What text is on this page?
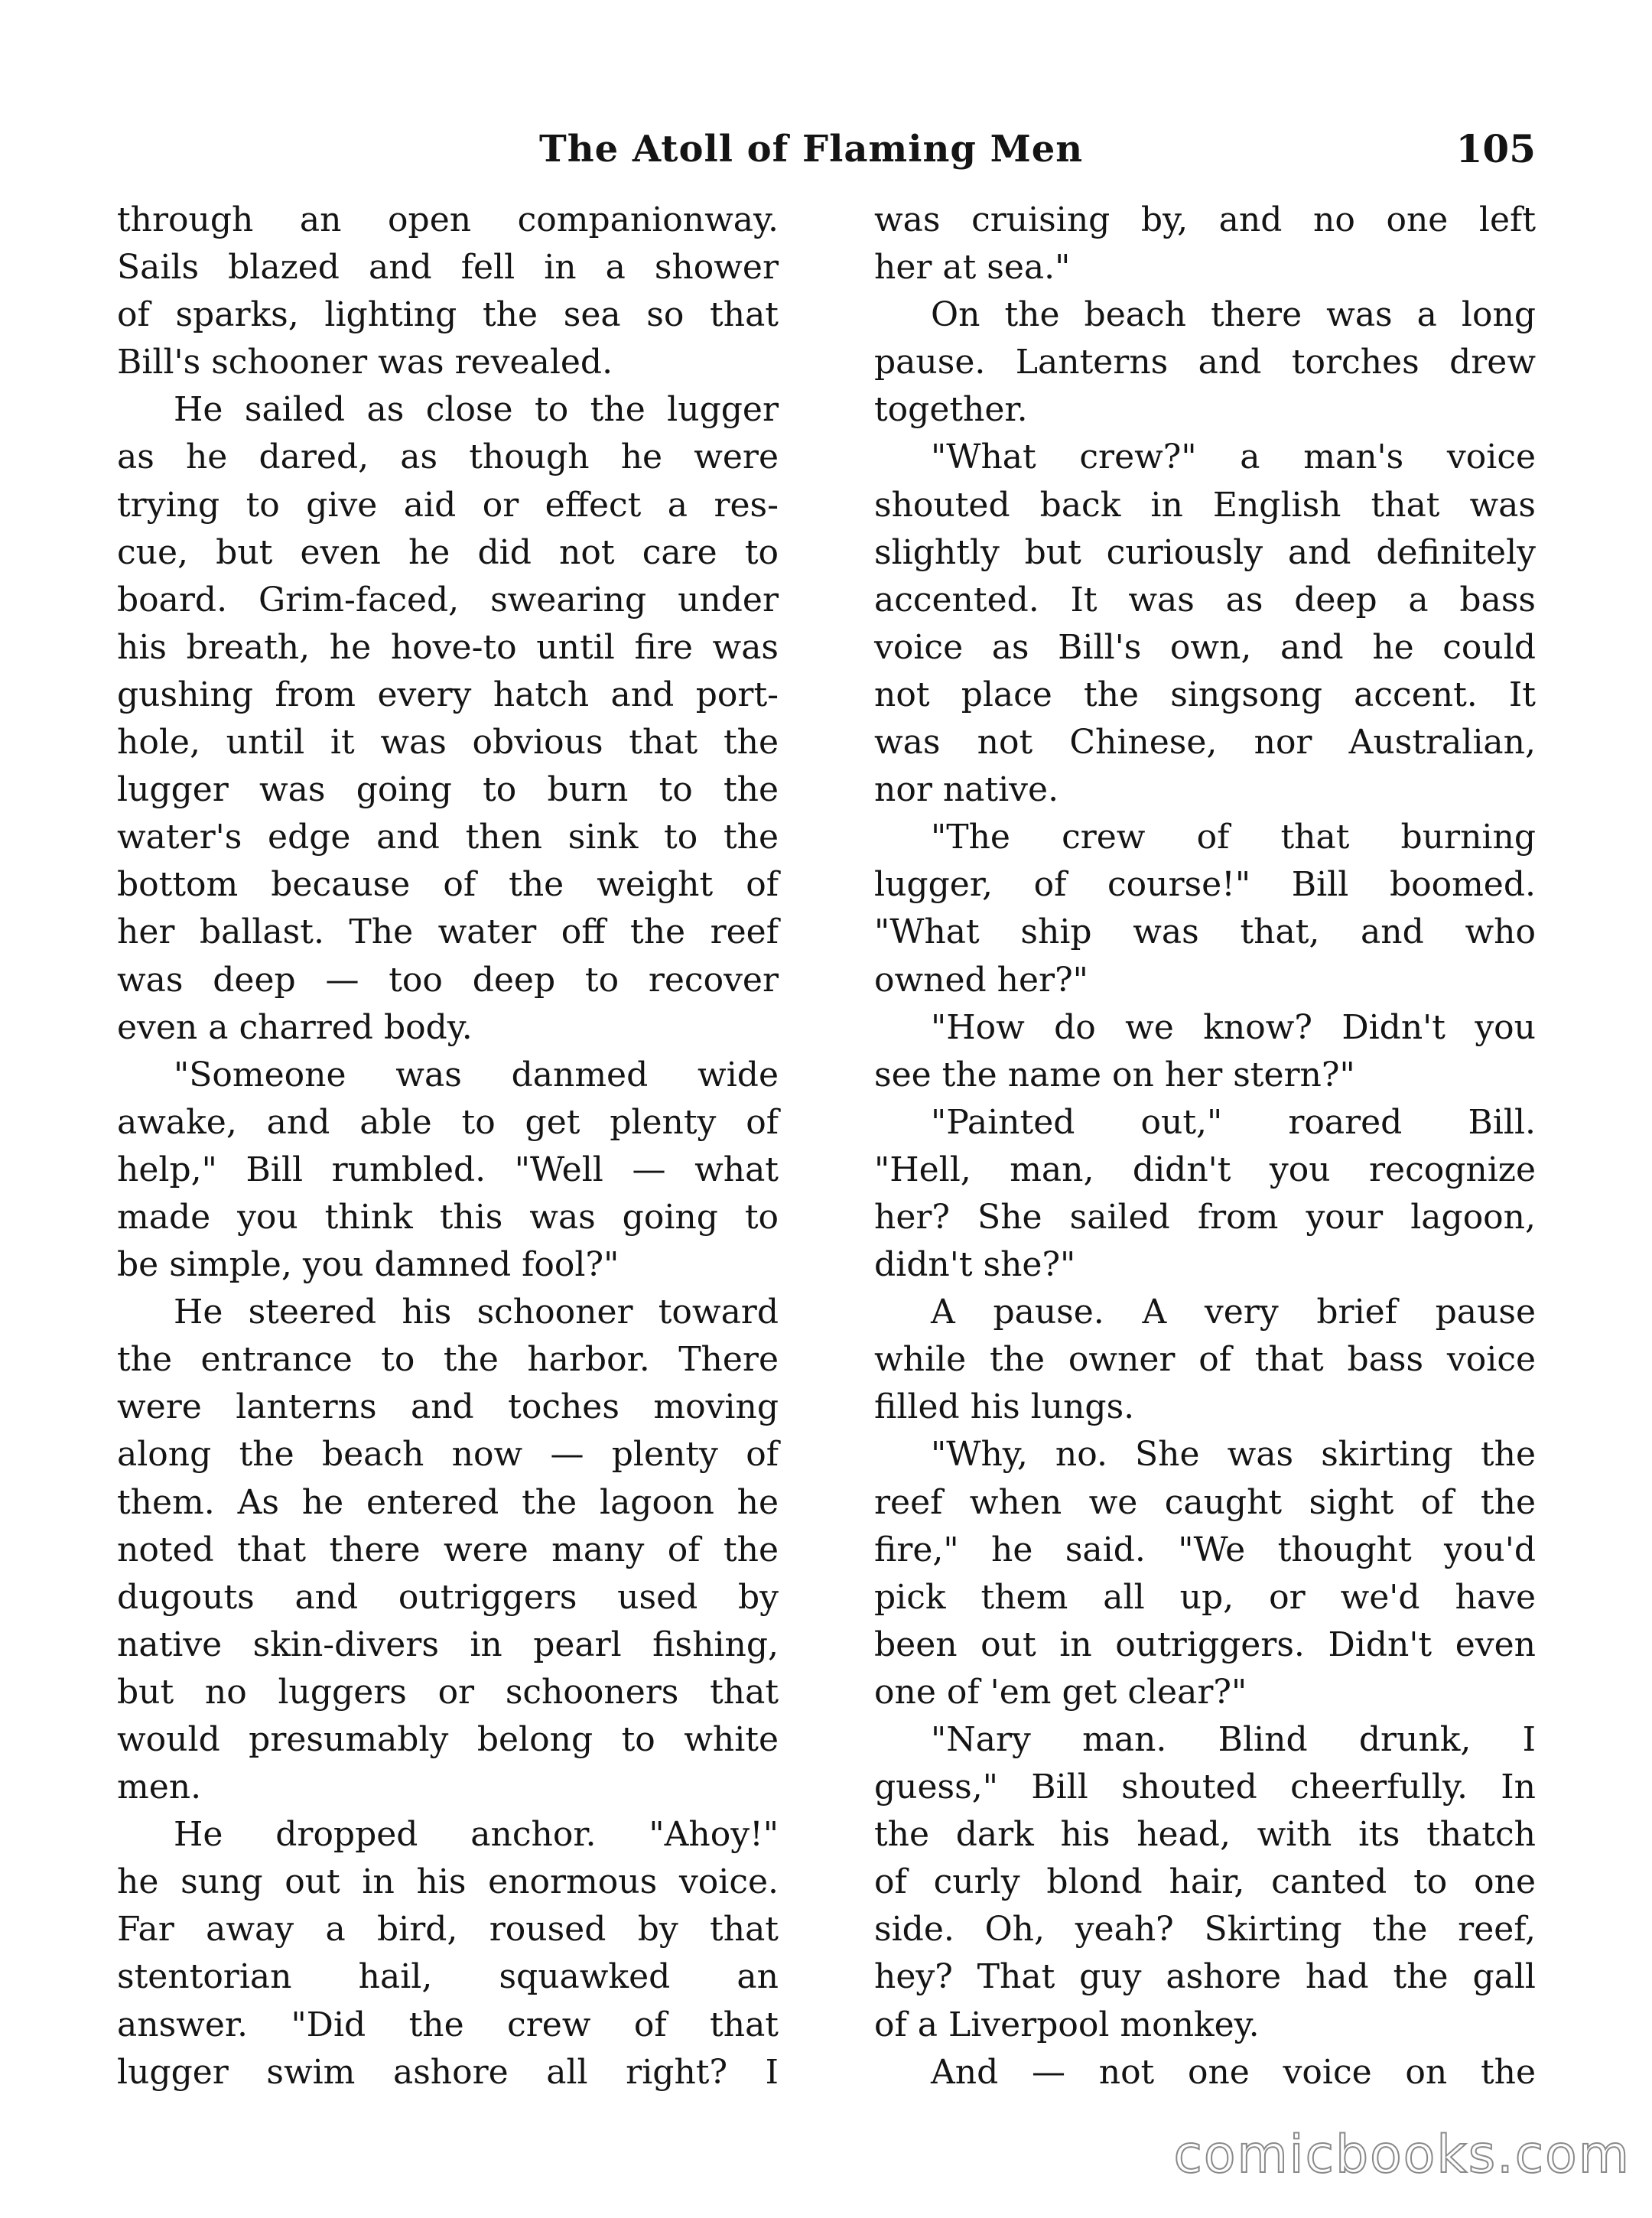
The Atoll of Flaming Men	105
through an open companionway.
Sails blazed and fell in a shower
of sparks, lighting the sea so that
Bill's schooner was revealed.
He sailed as close to the lugger
as he dared, as though he were
trying to give aid or effect a res-
cue, but even he did not care to
board. Grim-faced, swearing under
his breath, he hove-to until fire was
gushing from every hatch and port-
hole, until it was obvious that the
lugger was going to burn to the
water's edge and then sink to the
bottom because of the weight of
her ballast. The water off the reef
was deep — too deep to recover
even a charred body.
"Someone was danmed wide
awake, and able to get plenty of
help," Bill rumbled. "Well — what
made you think this was going to
be simple, you damned fool?"
He steered his schooner toward
the entrance to the harbor. There
were lanterns and toches moving
along the beach now — plenty of
them. As he entered the lagoon he
noted that there were many of the
dugouts and outriggers used by
native skin-divers in pearl fishing,
but no luggers or schooners that
would presumably belong to white
men.
He dropped anchor. "Ahoy!"
he sung out in his enormous voice.
Far away a bird, roused by that
stentorian hail, squawked an
answer. "Did the crew of that
lugger swim ashore all right? I
was cruising by, and no one left
her at sea."
On the beach there was a long
pause. Lanterns and torches drew
together.
"What crew?" a man's voice
shouted back in English that was
slightly but curiously and definitely
accented. It was as deep a bass
voice as Bill's own, and he could
not place the singsong accent. It
was not Chinese, nor Australian,
nor native.
"The crew of that burning
lugger, of course!" Bill boomed.
"What ship was that, and who
owned her?"
"How do we know? Didn't you
see the name on her stern?"
"Painted out," roared Bill.
"Hell, man, didn't you recognize
her? She sailed from your lagoon,
didn't she?"
A pause. A very brief pause
while the owner of that bass voice
filled his lungs.
"Why, no. She was skirting the
reef when we caught sight of the
fire," he said. "We thought you'd
pick them all up, or we'd have
been out in outriggers. Didn't even
one of 'em get clear?"
"Nary man. Blind drunk, I
guess," Bill shouted cheerfully. In
the dark his head, with its thatch
of curly blond hair, canted to one
side. Oh, yeah? Skirting the reef,
hey? That guy ashore had the gall
of a Liverpool monkey.
And — not one voice on the
comicbooks.com
